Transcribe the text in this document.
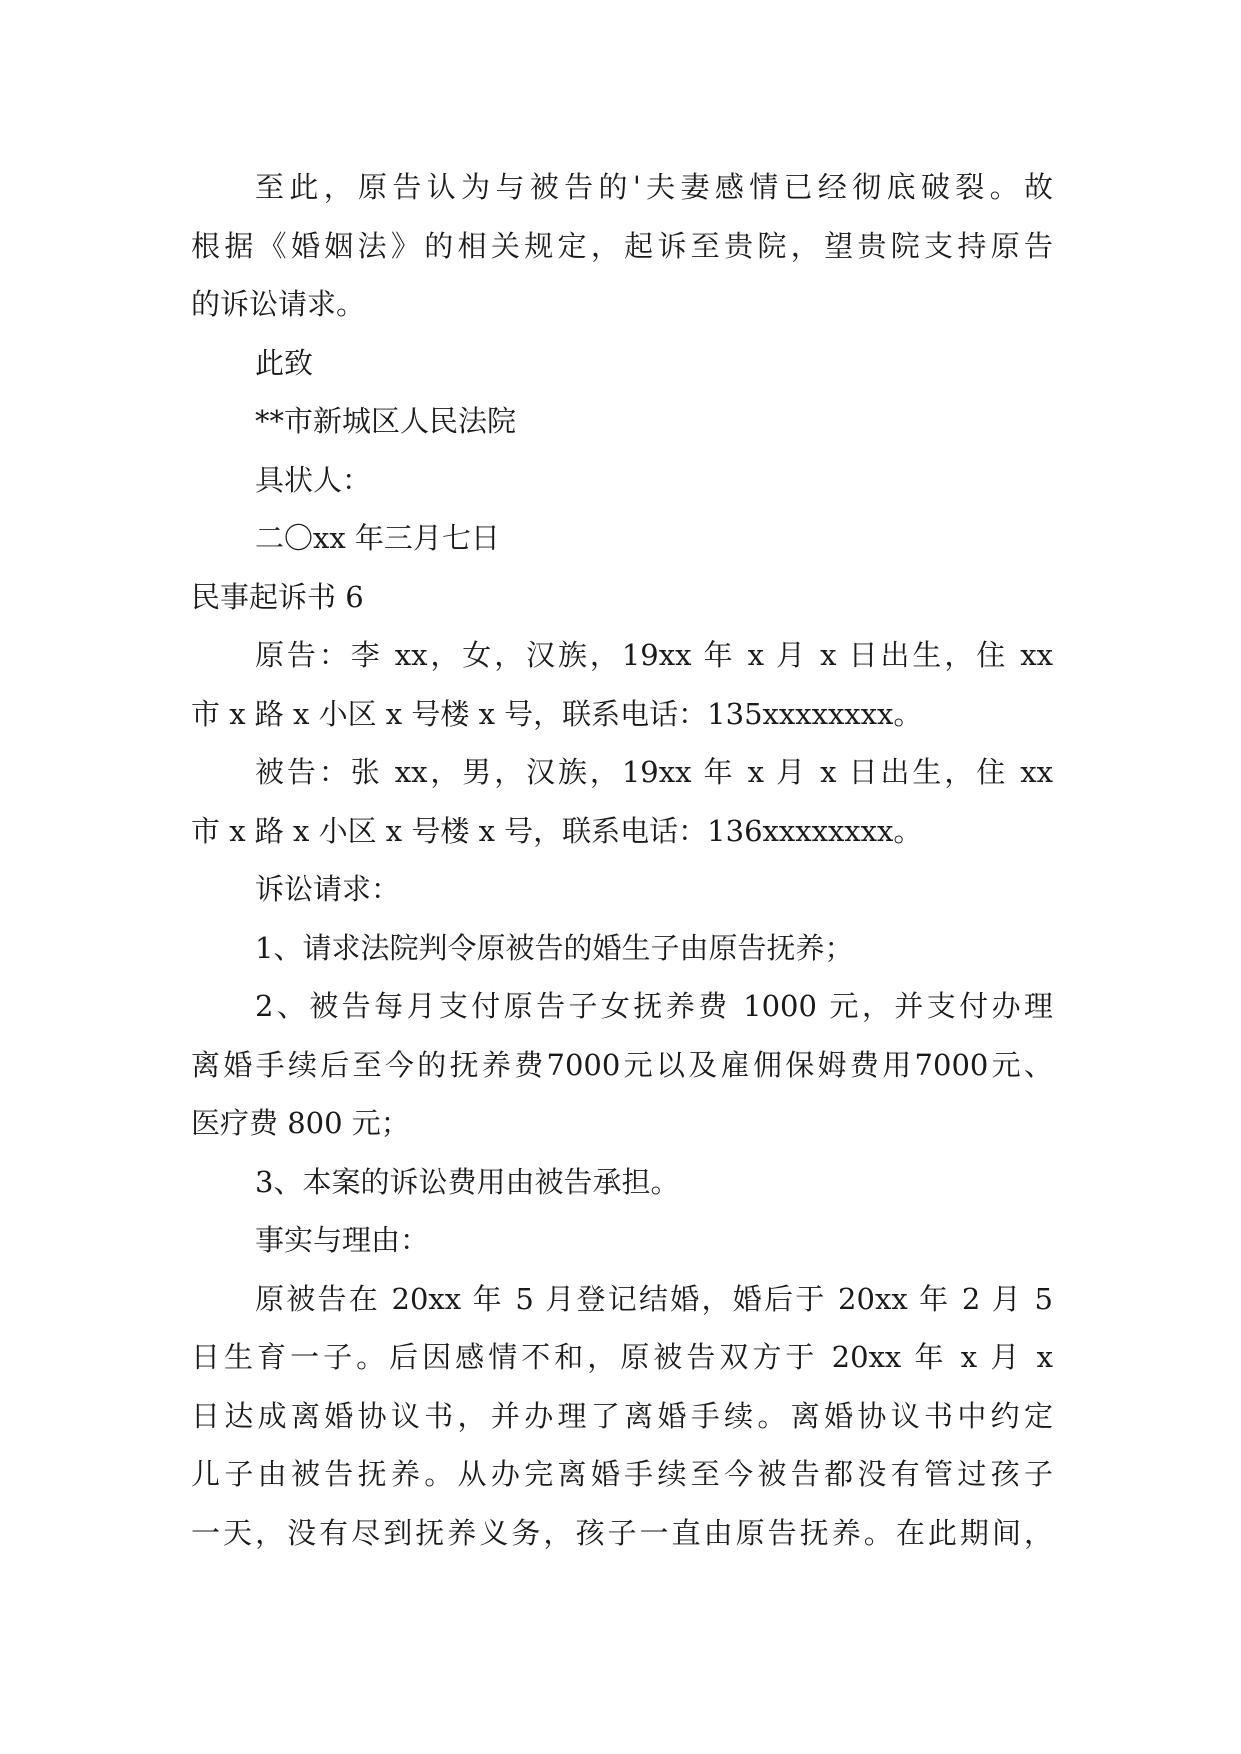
至此，原告认为与被告的'夫妻感情已经彻底破裂。故
根据《婚姻法》的相关规定，起诉至贵院，望贵院支持原告
的诉讼请求。
此致
**市新城区人民法院
具状人：
二〇xx 年三月七日
民事起诉书 6
原告：李 xx，女，汉族，19xx 年 x 月 x 日出生，住 xx
市 x 路 x 小区 x 号楼 x 号，联系电话：135xxxxxxxx。
被告：张 xx，男，汉族，19xx 年 x 月 x 日出生，住 xx
市 x 路 x 小区 x 号楼 x 号，联系电话：136xxxxxxxx。
诉讼请求：
1、请求法院判令原被告的婚生子由原告抚养；
2、被告每月支付原告子女抚养费 1000 元，并支付办理
离婚手续后至今的抚养费7000元以及雇佣保姆费用7000元、
医疗费 800 元；
3、本案的诉讼费用由被告承担。
事实与理由：
原被告在 20xx 年 5 月登记结婚，婚后于 20xx 年 2 月 5
日生育一子。后因感情不和，原被告双方于 20xx 年 x 月 x
日达成离婚协议书，并办理了离婚手续。离婚协议书中约定
儿子由被告抚养。从办完离婚手续至今被告都没有管过孩子
一天，没有尽到抚养义务，孩子一直由原告抚养。在此期间，
